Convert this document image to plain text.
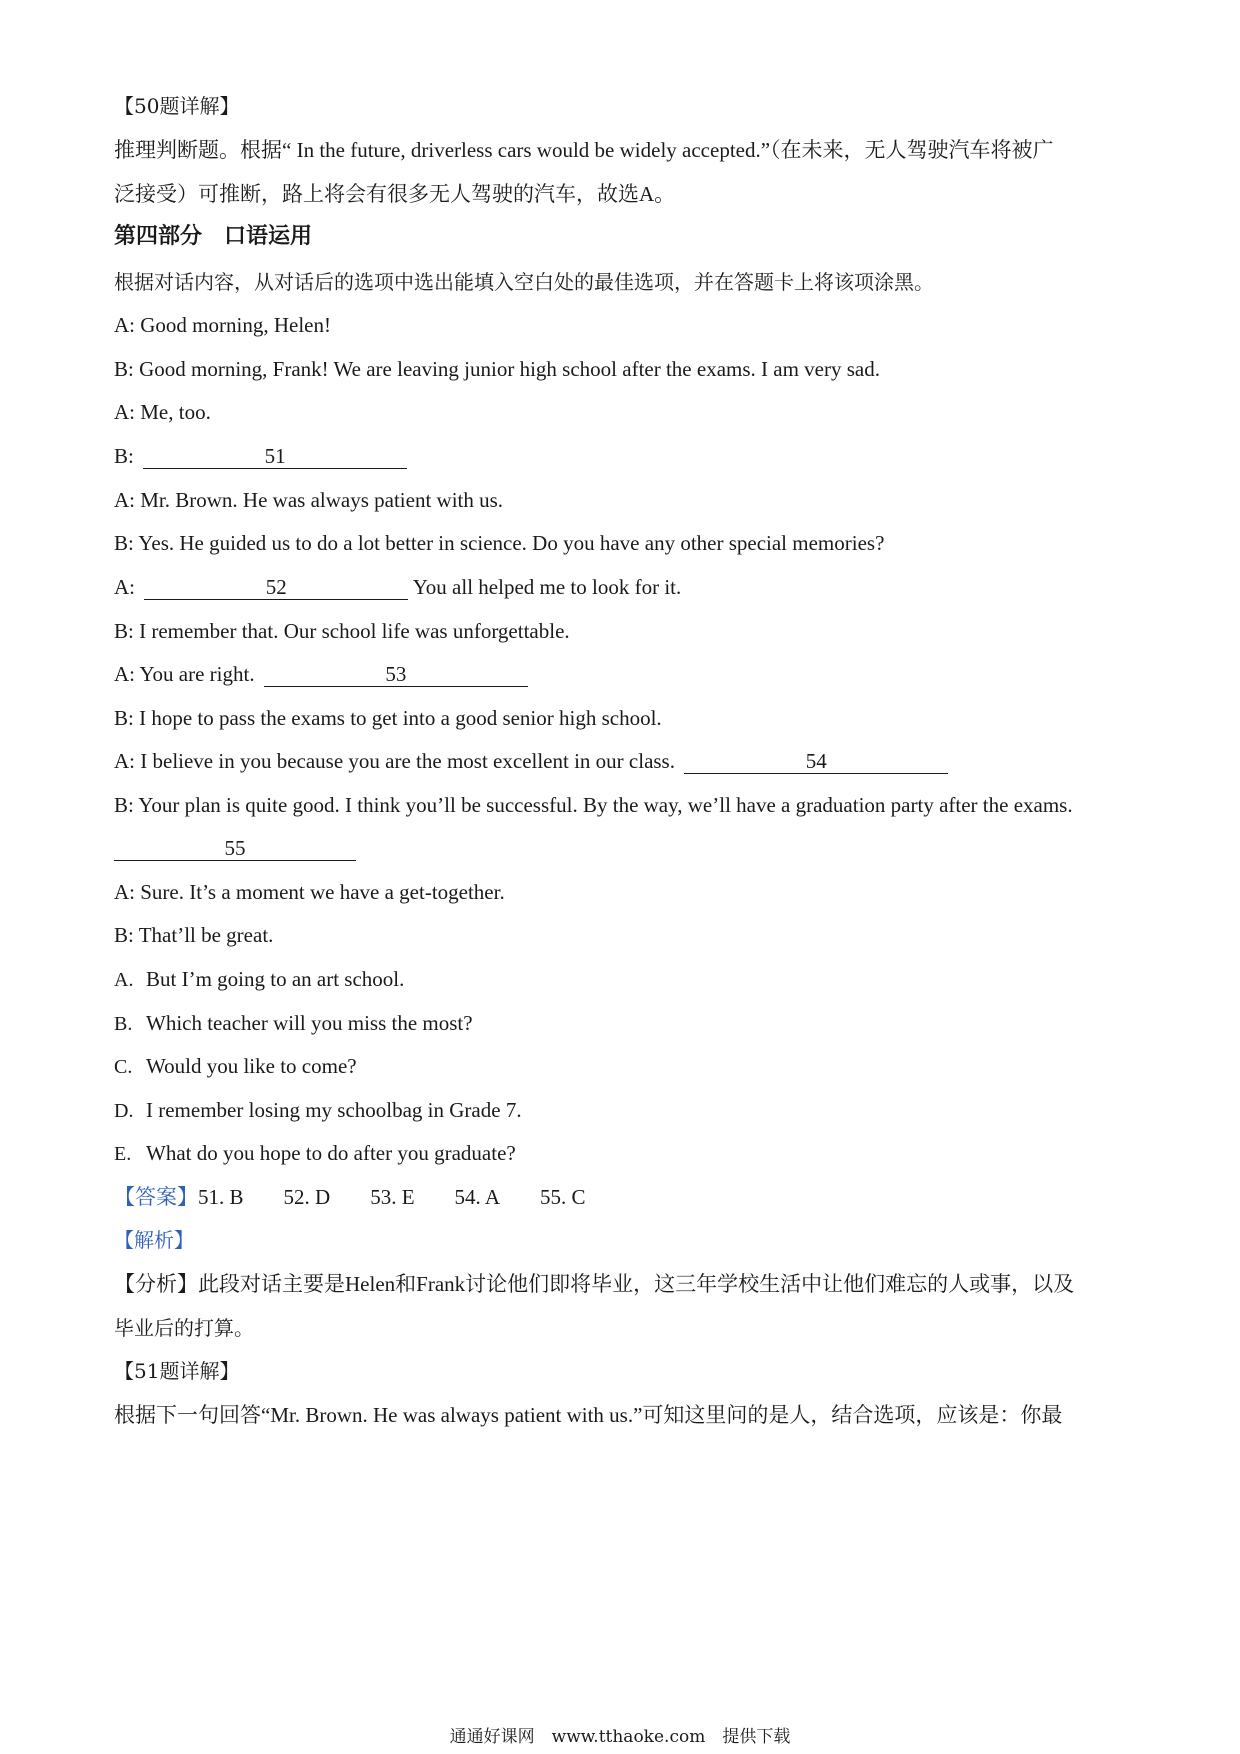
【50题详解】
推理判断题。根据“ In the future, driverless cars would be widely accepted.”（在未来，无人驾驶汽车将被广
泛接受）可推断，路上将会有很多无人驾驶的汽车，故选A。
第四部分　口语运用
根据对话内容，从对话后的选项中选出能填入空白处的最佳选项，并在答题卡上将该项涂黑。
A: Good morning, Helen!
B: Good morning, Frank! We are leaving junior high school after the exams. I am very sad.
A: Me, too.
B:	51
A: Mr. Brown. He was always patient with us.
B: Yes. He guided us to do a lot better in science. Do you have any other special memories?
A:	52	You all helped me to look for it.
B: I remember that. Our school life was unforgettable.
A: You are right.	53
B: I hope to pass the exams to get into a good senior high school.
A: I believe in you because you are the most excellent in our class.	54
B: Your plan is quite good. I think you’ll be successful. By the way, we’ll have a graduation party after the exams.
55
A: Sure. It’s a moment we have a get-together.
B: That’ll be great.
A. But I’m going to an art school.
B. Which teacher will you miss the most?
C. Would you like to come?
D. I remember losing my schoolbag in Grade 7.
E. What do you hope to do after you graduate?
【答案】51. B 52. D 53. E 54. A 55. C
【解析】
【分析】此段对话主要是Helen和Frank讨论他们即将毕业，这三年学校生活中让他们难忘的人或事，以及
毕业后的打算。
【51题详解】
根据下一句回答“Mr. Brown. He was always patient with us.”可知这里问的是人，结合选项，应该是：你最
通通好课网　www.tthaoke.com　提供下载
